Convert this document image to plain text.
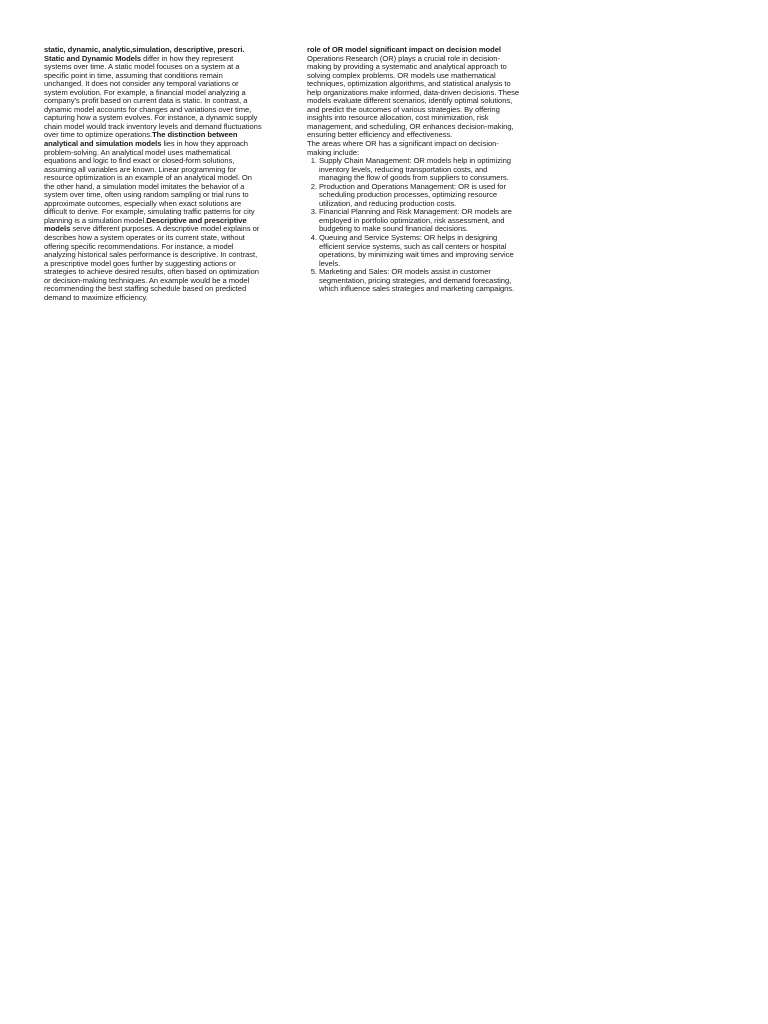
static, dynamic, analytic,simulation, descriptive, prescri.

Static and Dynamic Models differ in how they represent systems over time. A static model focuses on a system at a specific point in time, assuming that conditions remain unchanged. It does not consider any temporal variations or system evolution. For example, a financial model analyzing a company's profit based on current data is static. In contrast, a dynamic model accounts for changes and variations over time, capturing how a system evolves. For instance, a dynamic supply chain model would track inventory levels and demand fluctuations over time to optimize operations.The distinction between analytical and simulation models lies in how they approach problem-solving. An analytical model uses mathematical equations and logic to find exact or closed-form solutions, assuming all variables are known. Linear programming for resource optimization is an example of an analytical model. On the other hand, a simulation model imitates the behavior of a system over time, often using random sampling or trial runs to approximate outcomes, especially when exact solutions are difficult to derive. For example, simulating traffic patterns for city planning is a simulation model.Descriptive and prescriptive models serve different purposes. A descriptive model explains or describes how a system operates or its current state, without offering specific recommendations. For instance, a model analyzing historical sales performance is descriptive. In contrast, a prescriptive model goes further by suggesting actions or strategies to achieve desired results, often based on optimization or decision-making techniques. An example would be a model recommending the best staffing schedule based on predicted demand to maximize efficiency.

role of OR model significant impact on decision model

Operations Research (OR) plays a crucial role in decision-making by providing a systematic and analytical approach to solving complex problems. OR models use mathematical techniques, optimization algorithms, and statistical analysis to help organizations make informed, data-driven decisions. These models evaluate different scenarios, identify optimal solutions, and predict the outcomes of various strategies. By offering insights into resource allocation, cost minimization, risk management, and scheduling, OR enhances decision-making, ensuring better efficiency and effectiveness.

The areas where OR has a significant impact on decision-making include:

1. Supply Chain Management: OR models help in optimizing inventory levels, reducing transportation costs, and managing the flow of goods from suppliers to consumers.
2. Production and Operations Management: OR is used for scheduling production processes, optimizing resource utilization, and reducing production costs.
3. Financial Planning and Risk Management: OR models are employed in portfolio optimization, risk assessment, and budgeting to make sound financial decisions.
4. Queuing and Service Systems: OR helps in designing efficient service systems, such as call centers or hospital operations, by minimizing wait times and improving service levels.
5. Marketing and Sales: OR models assist in customer segmentation, pricing strategies, and demand forecasting, which influence sales strategies and marketing campaigns.
